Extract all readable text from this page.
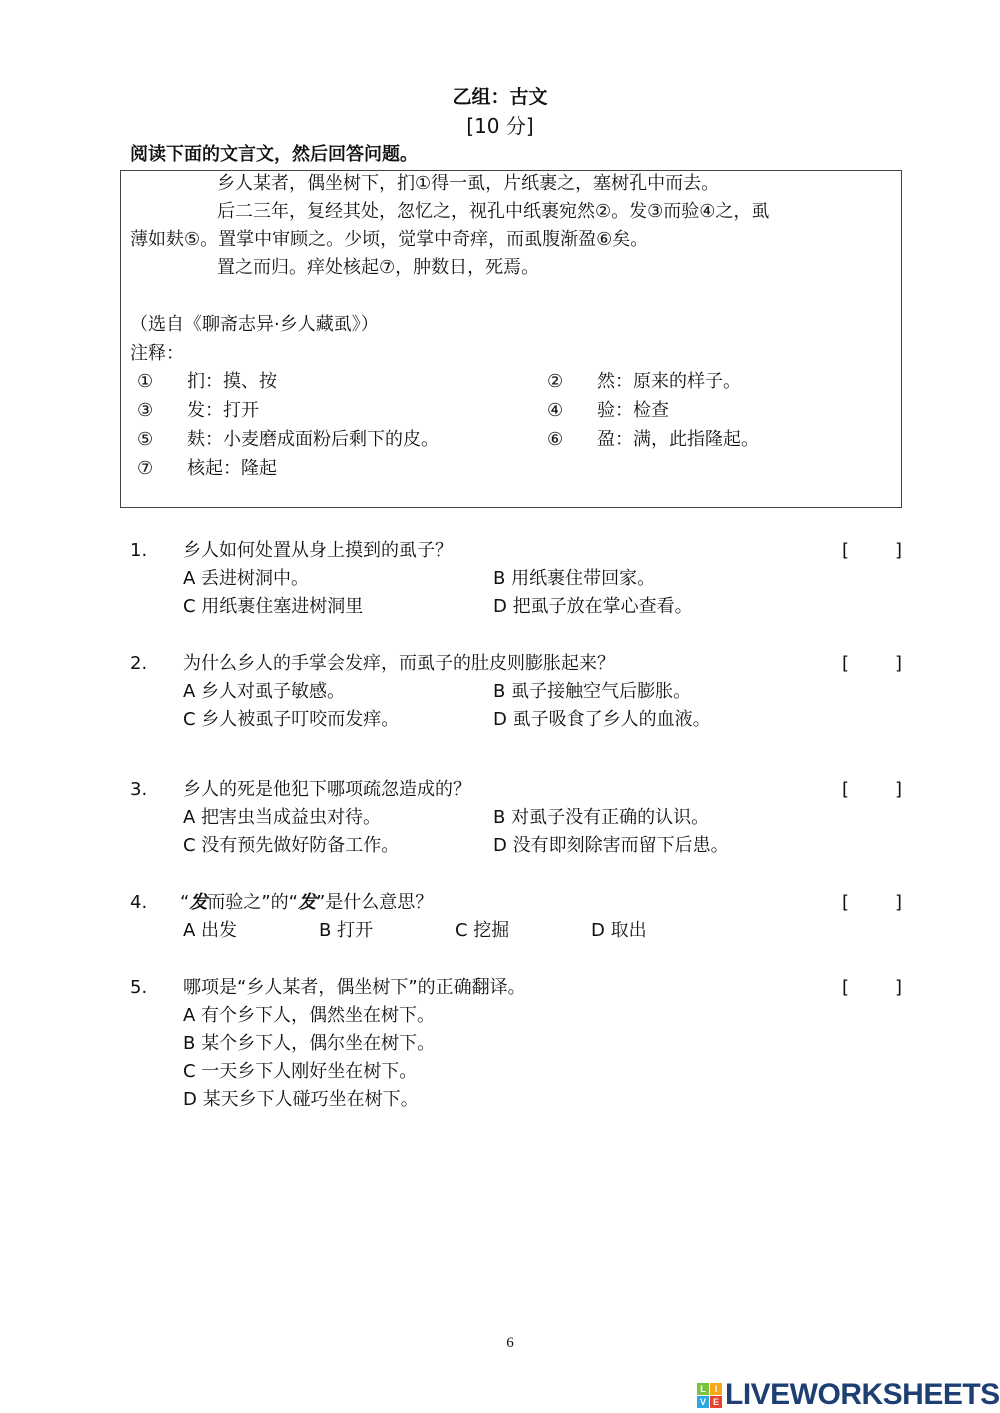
乙组：古文
[10 分]
阅读下面的文言文，然后回答问题。
乡人某者，偶坐树下，扪①得一虱，片纸裹之，塞树孔中而去。
后二三年，复经其处，忽忆之，视孔中纸裹宛然②。发③而验④之，虱
薄如麸⑤。置掌中审顾之。少顷，觉掌中奇痒，而虱腹渐盈⑥矣。
置之而归。痒处核起⑦，肿数日，死焉。
（选自《聊斋志异·乡人藏虱》）
注释：
6
L I
V E LIVEWORKSHEETS
① 扪：摸、按	② 然：原来的样子。
③ 发：打开	④ 验：检查
⑤ 麸：小麦磨成面粉后剩下的皮。	⑥ 盈：满，此指隆起。
⑦ 核起：隆起
1. 乡人如何处置从身上摸到的虱子？	[	]
A 丢进树洞中。	B 用纸裹住带回家。
C 用纸裹住塞进树洞里	D 把虱子放在掌心查看。
2. 为什么乡人的手掌会发痒，而虱子的肚皮则膨胀起来？	[	]
A 乡人对虱子敏感。	B 虱子接触空气后膨胀。
C 乡人被虱子叮咬而发痒。	D 虱子吸食了乡人的血液。
3. 乡人的死是他犯下哪项疏忽造成的？	[	]
A 把害虫当成益虫对待。	B 对虱子没有正确的认识。
C 没有预先做好防备工作。	D 没有即刻除害而留下后患。
4. “发而验之”的“发”是什么意思？	[	]
A 出发	B 打开	C 挖掘	D 取出
5. 哪项是“乡人某者，偶坐树下”的正确翻译。	[	]
A 有个乡下人，偶然坐在树下。
B 某个乡下人，偶尔坐在树下。
C 一天乡下人刚好坐在树下。
D 某天乡下人碰巧坐在树下。
